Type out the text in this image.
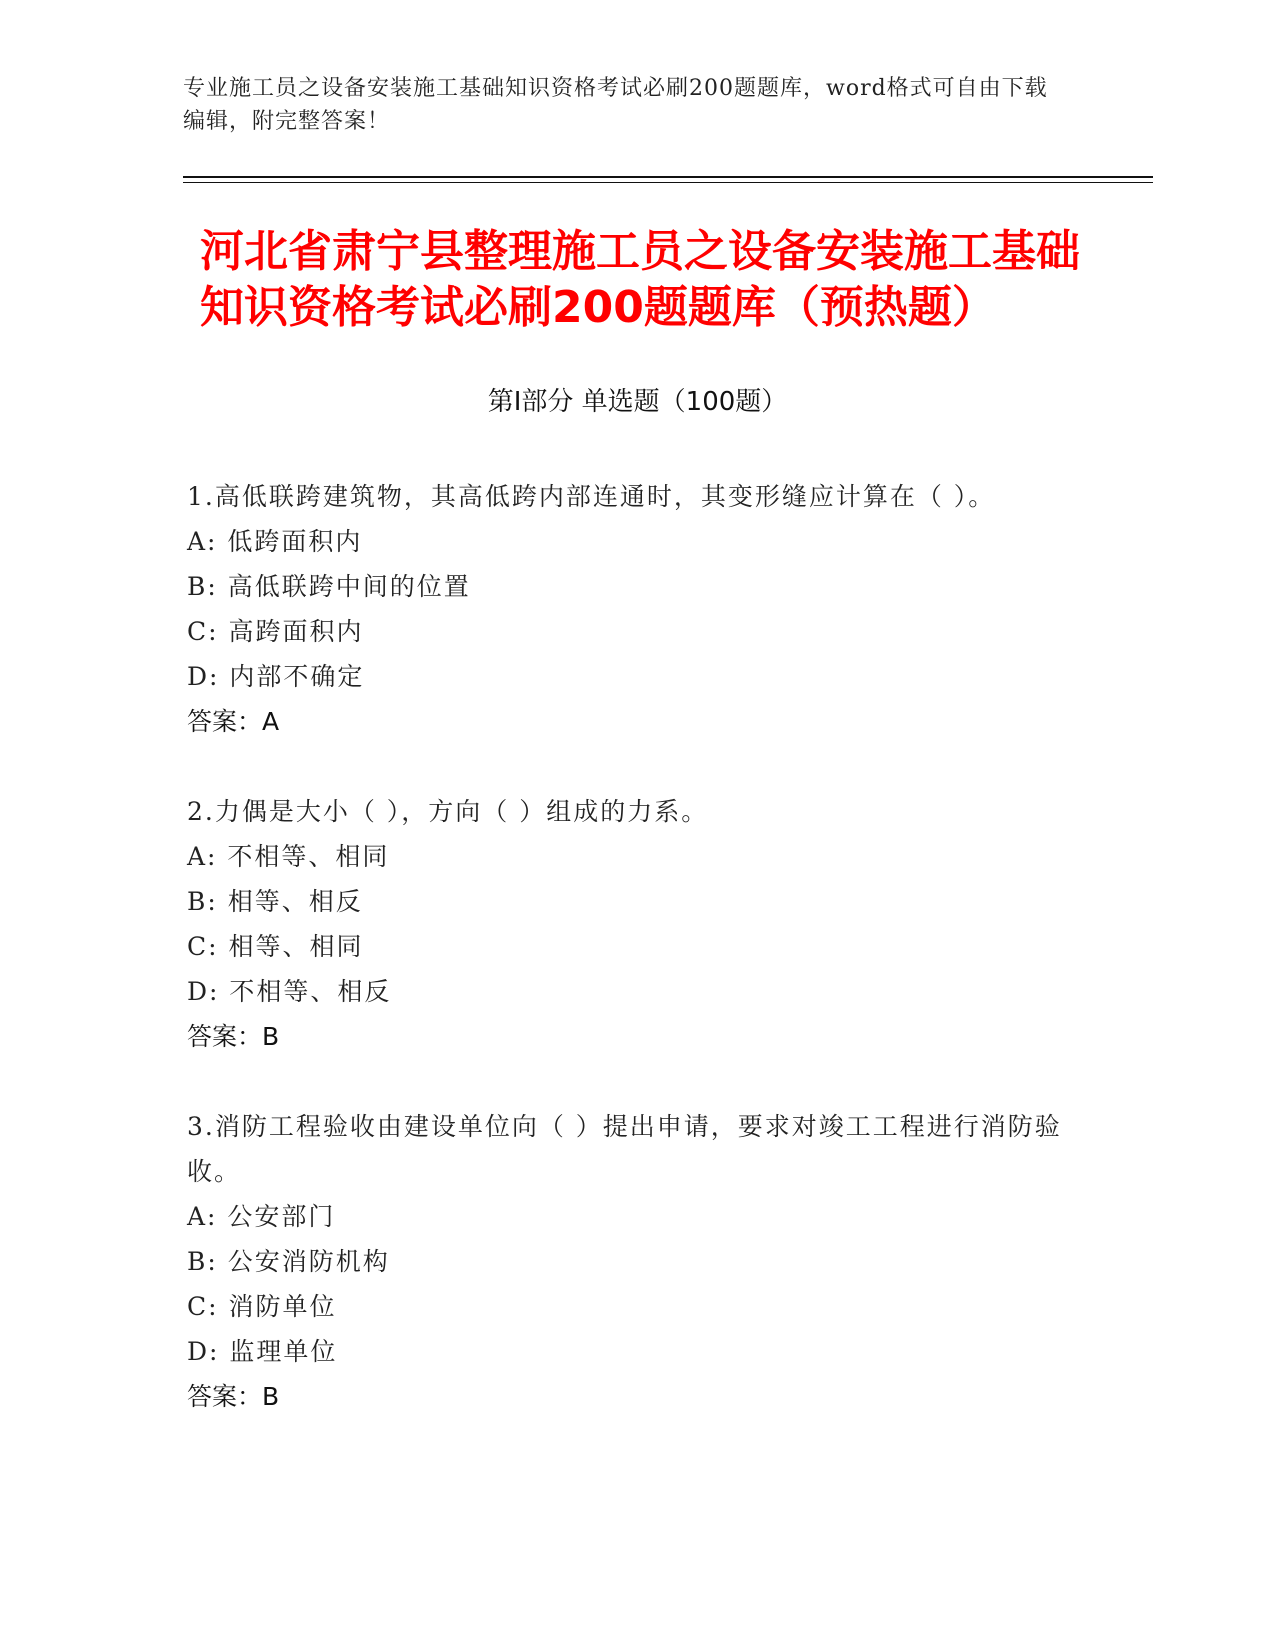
专业施工员之设备安装施工基础知识资格考试必刷200题题库，word格式可自由下载编辑，附完整答案！
河北省肃宁县整理施工员之设备安装施工基础知识资格考试必刷200题题库（预热题）
第Ⅰ部分 单选题（100题）
1.高低联跨建筑物，其高低跨内部连通时，其变形缝应计算在（ ）。
A: 低跨面积内
B: 高低联跨中间的位置
C: 高跨面积内
D: 内部不确定
答案：A
2.力偶是大小（ ），方向（ ）组成的力系。
A: 不相等、相同
B: 相等、相反
C: 相等、相同
D: 不相等、相反
答案：B
3.消防工程验收由建设单位向（ ）提出申请，要求对竣工工程进行消防验收。
A: 公安部门
B: 公安消防机构
C: 消防单位
D: 监理单位
答案：B
